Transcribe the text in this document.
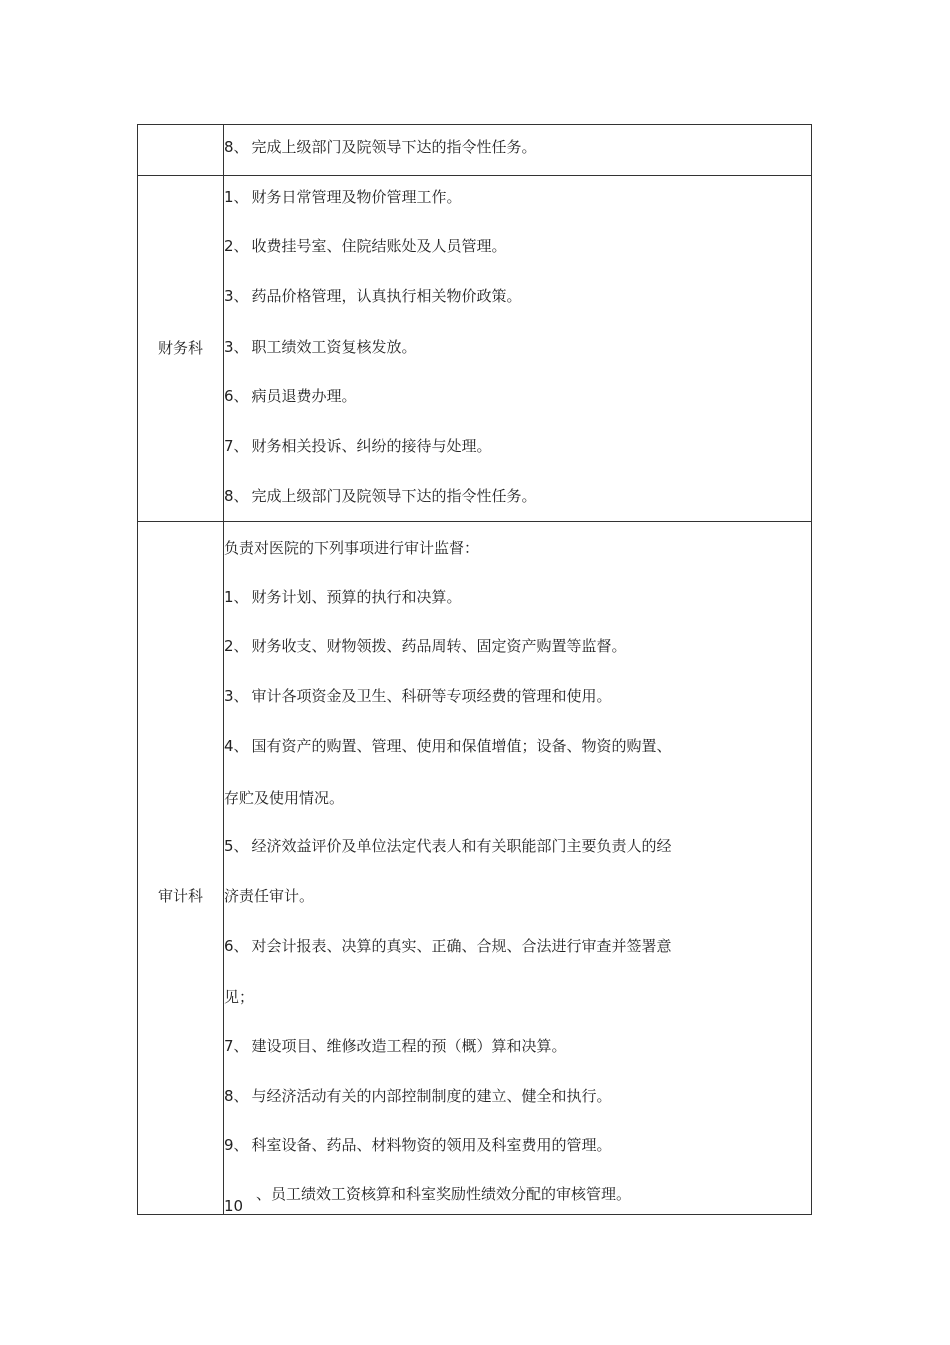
8、 完成上级部门及院领导下达的指令性任务。
财务科
1、 财务日常管理及物价管理工作。
2、 收费挂号室、住院结账处及人员管理。
3、 药品价格管理，认真执行相关物价政策。
3、 职工绩效工资复核发放。
6、 病员退费办理。
7、 财务相关投诉、纠纷的接待与处理。
8、 完成上级部门及院领导下达的指令性任务。
审计科
负责对医院的下列事项进行审计监督：
1、 财务计划、预算的执行和决算。
2、 财务收支、财物领拨、药品周转、固定资产购置等监督。
3、 审计各项资金及卫生、科研等专项经费的管理和使用。
4、 国有资产的购置、管理、使用和保值增值；设备、物资的购置、
存贮及使用情况。
5、 经济效益评价及单位法定代表人和有关职能部门主要负责人的经
济责任审计。
6、 对会计报表、决算的真实、正确、合规、合法进行审查并签署意
见；
7、 建设项目、维修改造工程的预（概）算和决算。
8、 与经济活动有关的内部控制制度的建立、健全和执行。
9、 科室设备、药品、材料物资的领用及科室费用的管理。
、员工绩效工资核算和科室奖励性绩效分配的审核管理。
10
